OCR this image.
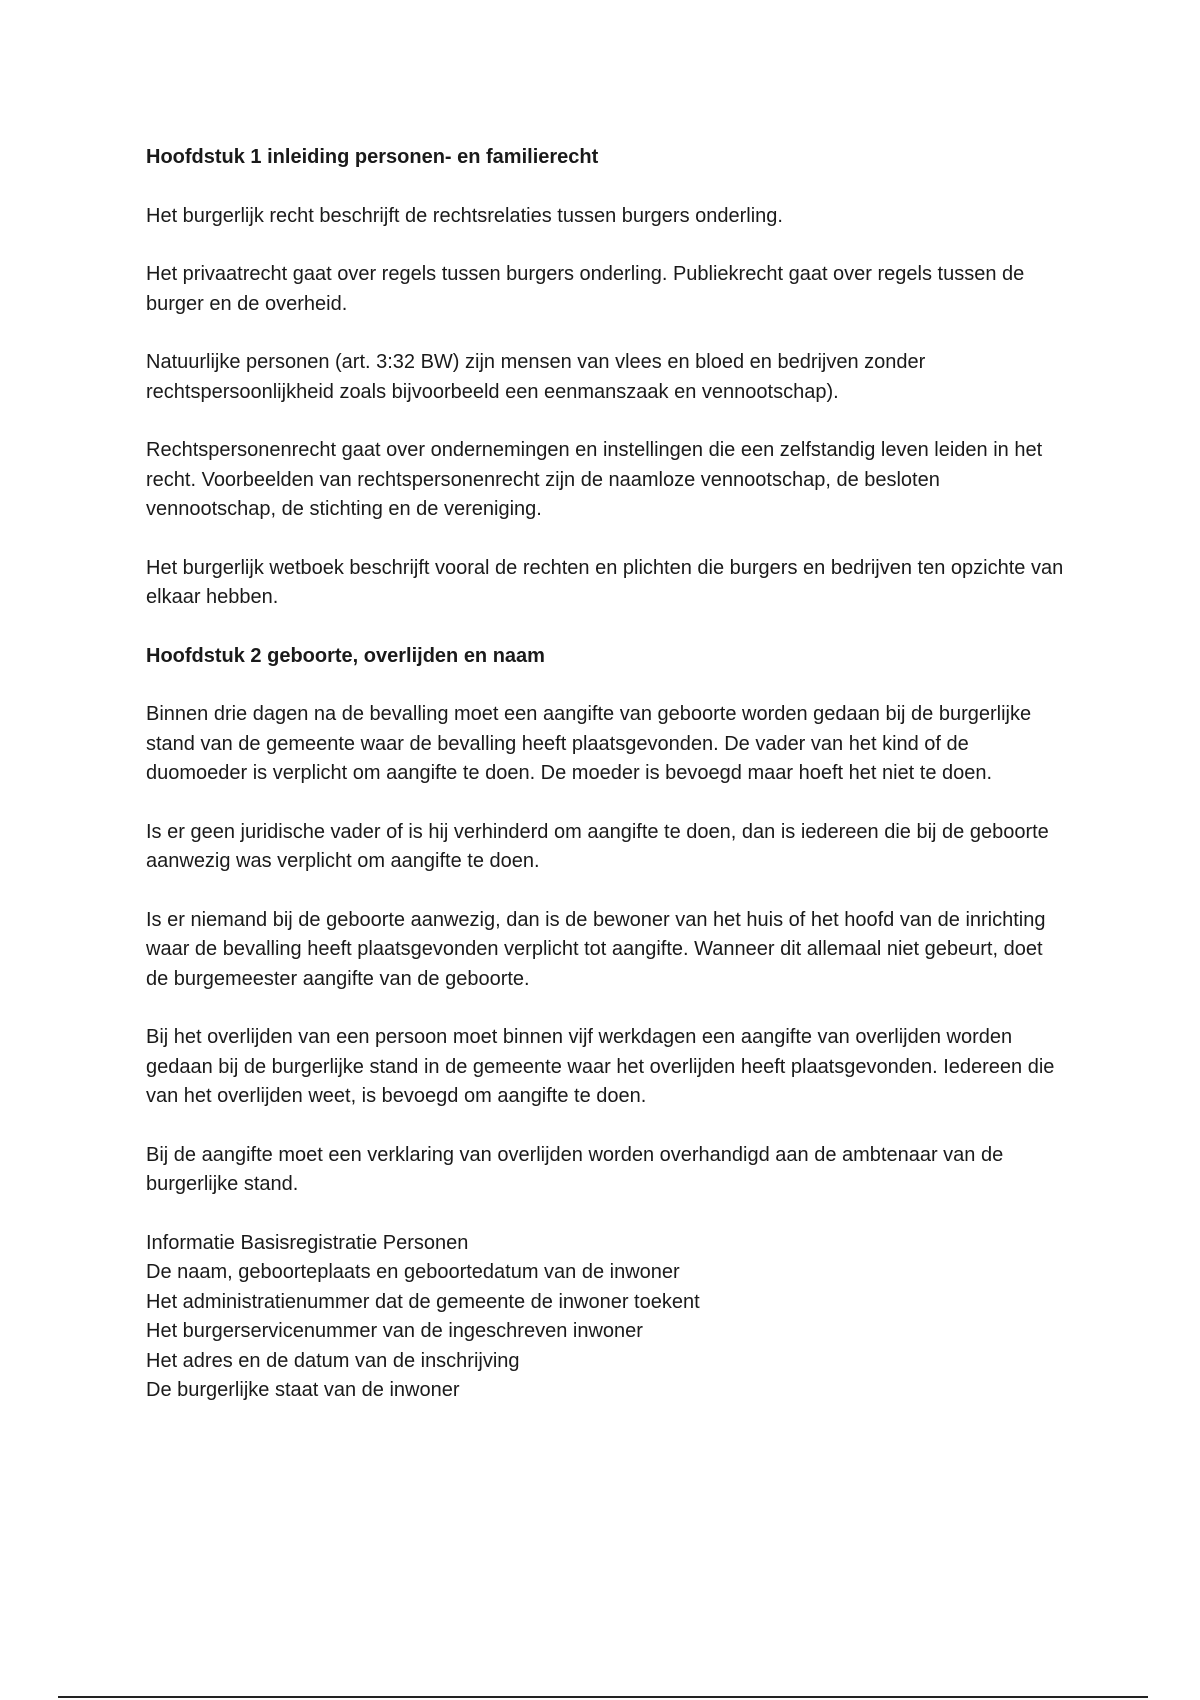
Hoofdstuk 1 inleiding personen- en familierecht

Het burgerlijk recht beschrijft de rechtsrelaties tussen burgers onderling.

Het privaatrecht gaat over regels tussen burgers onderling. Publiekrecht gaat over regels tussen de burger en de overheid.

Natuurlijke personen (art. 3:32 BW) zijn mensen van vlees en bloed en bedrijven zonder rechtspersoonlijkheid zoals bijvoorbeeld een eenmanszaak en vennootschap).

Rechtspersonenrecht gaat over ondernemingen en instellingen die een zelfstandig leven leiden in het recht. Voorbeelden van rechtspersonenrecht zijn de naamloze vennootschap, de besloten vennootschap, de stichting en de vereniging.

Het burgerlijk wetboek beschrijft vooral de rechten en plichten die burgers en bedrijven ten opzichte van elkaar hebben.

Hoofdstuk 2 geboorte, overlijden en naam

Binnen drie dagen na de bevalling moet een aangifte van geboorte worden gedaan bij de burgerlijke stand van de gemeente waar de bevalling heeft plaatsgevonden. De vader van het kind of de duomoeder is verplicht om aangifte te doen. De moeder is bevoegd maar hoeft het niet te doen.

Is er geen juridische vader of is hij verhinderd om aangifte te doen, dan is iedereen die bij de geboorte aanwezig was verplicht om aangifte te doen.

Is er niemand bij de geboorte aanwezig, dan is de bewoner van het huis of het hoofd van de inrichting waar de bevalling heeft plaatsgevonden verplicht tot aangifte. Wanneer dit allemaal niet gebeurt, doet de burgemeester aangifte van de geboorte.

Bij het overlijden van een persoon moet binnen vijf werkdagen een aangifte van overlijden worden gedaan bij de burgerlijke stand in de gemeente waar het overlijden heeft plaatsgevonden. Iedereen die van het overlijden weet, is bevoegd om aangifte te doen.

Bij de aangifte moet een verklaring van overlijden worden overhandigd aan de ambtenaar van de burgerlijke stand.

Informatie Basisregistratie Personen
De naam, geboorteplaats en geboortedatum van de inwoner
Het administratienummer dat de gemeente de inwoner toekent
Het burgerservicenummer van de ingeschreven inwoner
Het adres en de datum van de inschrijving
De burgerlijke staat van de inwoner
